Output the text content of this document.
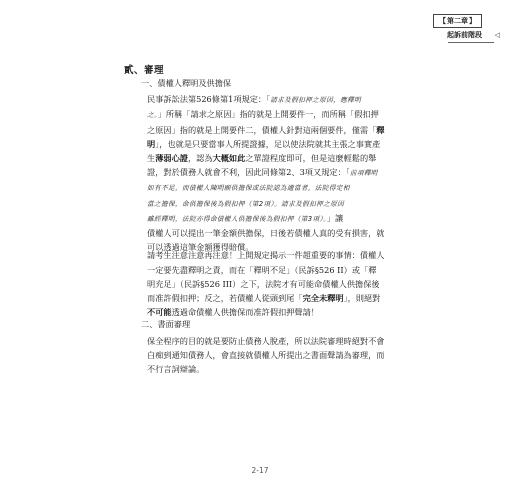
【第二章】
起訴前階段 ◁
貳、審理
一、債權人釋明及供擔保
民事訴訟法第526條第1項規定：「請求及假扣押之原因，應釋明
之。」所稱「請求之原因」指的就是上開要件一，而所稱「假扣押
之原因」指的就是上開要件二，債權人針對這兩個要件，僅需「釋
明」，也就是只要當事人所提證據，足以使法院就其主張之事實產
生薄弱心證，認為大概如此之單證程度即可，但是這麼輕鬆的舉
證，對於債務人就會不利，因此同條第2、3項又規定：「前項釋明
如有不足，而債權人陳明願供擔保或法院認為適當者，法院得定相
當之擔保，命供擔保後為假扣押（第2項）。請求及假扣押之原因
雖經釋明，法院亦得命債權人供擔保後為假扣押（第3項）。」讓
債權人可以提出一筆金額供擔保，日後若債權人真的受有損害，就
可以透過這筆金額獲得賠償。
請考生注意注意再注意！上開規定揭示一件超重要的事情：債權人
一定要先盡釋明之責，而在「釋明不足」（民訴§526 II）或「釋
明充足」（民訴§526 III）之下，法院才有可能命債權人供擔保後
而准許假扣押；反之，若債權人從頭到尾「完全未釋明」，則絕對
不可能透過命債權人供擔保而准許假扣押聲請！
二、書面審理
保全程序的目的就是要防止債務人脫產，所以法院審理時絕對不會
白痴到通知債務人，會直接就債權人所提出之書面聲請為審理，而
不行言詞辯論。
2-17
